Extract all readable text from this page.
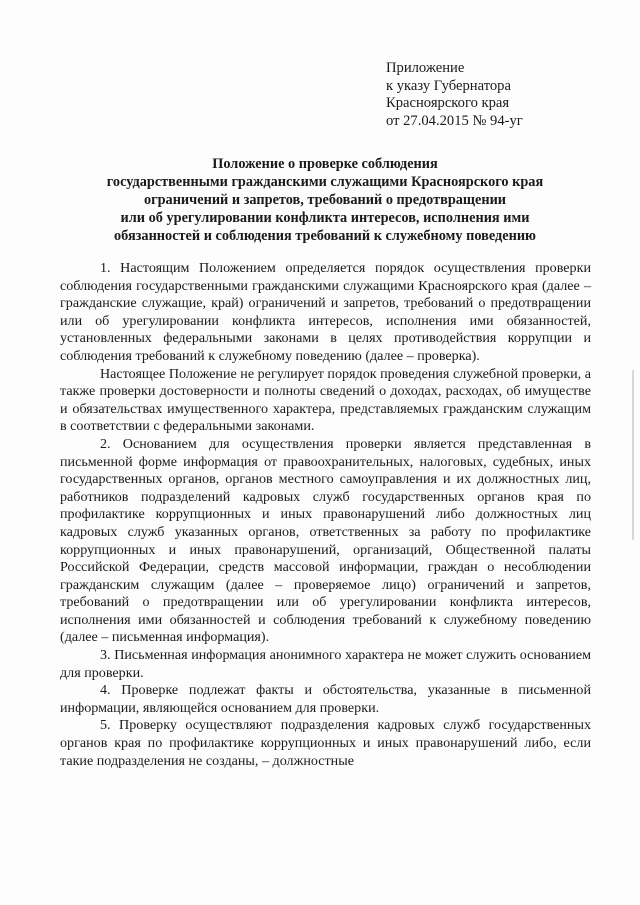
Приложение
к указу Губернатора
Красноярского края
от 27.04.2015 № 94-уг
Положение о проверке соблюдения
государственными гражданскими служащими Красноярского края
ограничений и запретов, требований о предотвращении
или об урегулировании конфликта интересов, исполнения ими
обязанностей и соблюдения требований к служебному поведению

1. Настоящим Положением определяется порядок осуществления проверки соблюдения государственными гражданскими служащими Красноярского края (далее – гражданские служащие, край) ограничений и запретов, требований о предотвращении или об урегулировании конфликта интересов, исполнения ими обязанностей, установленных федеральными законами в целях противодействия коррупции и соблюдения требований к служебному поведению (далее – проверка).

Настоящее Положение не регулирует порядок проведения служебной проверки, а также проверки достоверности и полноты сведений о доходах, расходах, об имуществе и обязательствах имущественного характера, представляемых гражданским служащим в соответствии с федеральными законами.

2. Основанием для осуществления проверки является представленная в письменной форме информация от правоохранительных, налоговых, судебных, иных государственных органов, органов местного самоуправления и их должностных лиц, работников подразделений кадровых служб государственных органов края по профилактике коррупционных и иных правонарушений либо должностных лиц кадровых служб указанных органов, ответственных за работу по профилактике коррупционных и иных правонарушений, организаций, Общественной палаты Российской Федерации, средств массовой информации, граждан о несоблюдении гражданским служащим (далее – проверяемое лицо) ограничений и запретов, требований о предотвращении или об урегулировании конфликта интересов, исполнения ими обязанностей и соблюдения требований к служебному поведению (далее – письменная информация).

3. Письменная информация анонимного характера не может служить основанием для проверки.

4. Проверке подлежат факты и обстоятельства, указанные в письменной информации, являющейся основанием для проверки.

5. Проверку осуществляют подразделения кадровых служб государственных органов края по профилактике коррупционных и иных правонарушений либо, если такие подразделения не созданы, – должностные
